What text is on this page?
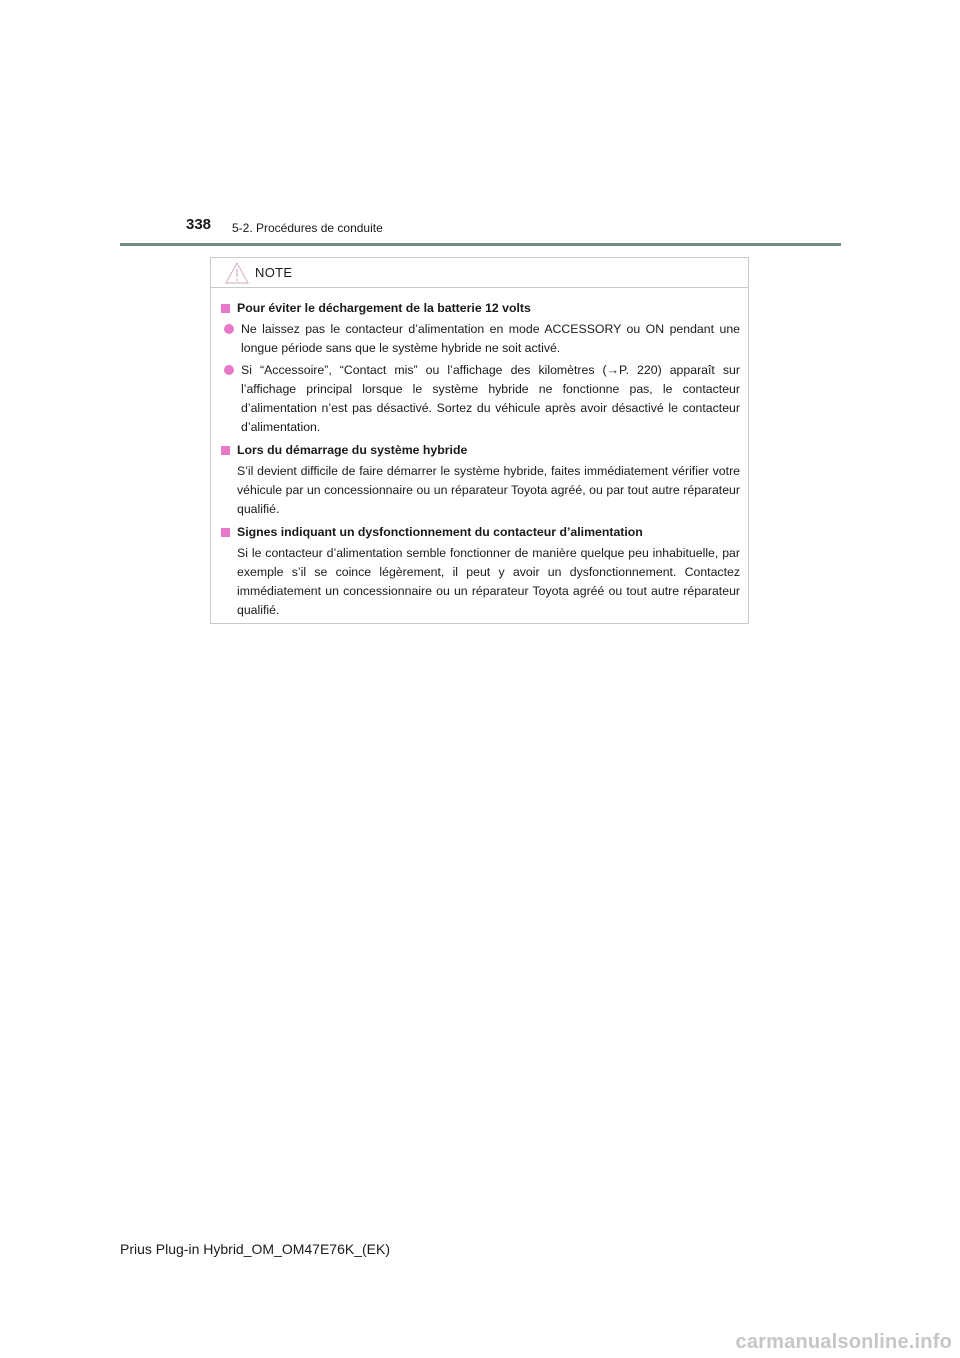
338 5-2. Procédures de conduite
NOTE
Pour éviter le déchargement de la batterie 12 volts
Ne laissez pas le contacteur d’alimentation en mode ACCESSORY ou ON pendant une longue période sans que le système hybride ne soit activé.
Si “Accessoire”, “Contact mis” ou l’affichage des kilomètres (→P. 220) apparaît sur l’affichage principal lorsque le système hybride ne fonctionne pas, le contacteur d’alimentation n’est pas désactivé. Sortez du véhicule après avoir désactivé le contacteur d’alimentation.
Lors du démarrage du système hybride
S’il devient difficile de faire démarrer le système hybride, faites immédiatement vérifier votre véhicule par un concessionnaire ou un réparateur Toyota agréé, ou par tout autre réparateur qualifié.
Signes indiquant un dysfonctionnement du contacteur d’alimentation
Si le contacteur d’alimentation semble fonctionner de manière quelque peu inhabituelle, par exemple s’il se coince légèrement, il peut y avoir un dysfonctionnement. Contactez immédiatement un concessionnaire ou un réparateur Toyota agréé ou tout autre réparateur qualifié.
Prius Plug-in Hybrid_OM_OM47E76K_(EK)
carmanualsonline.info
